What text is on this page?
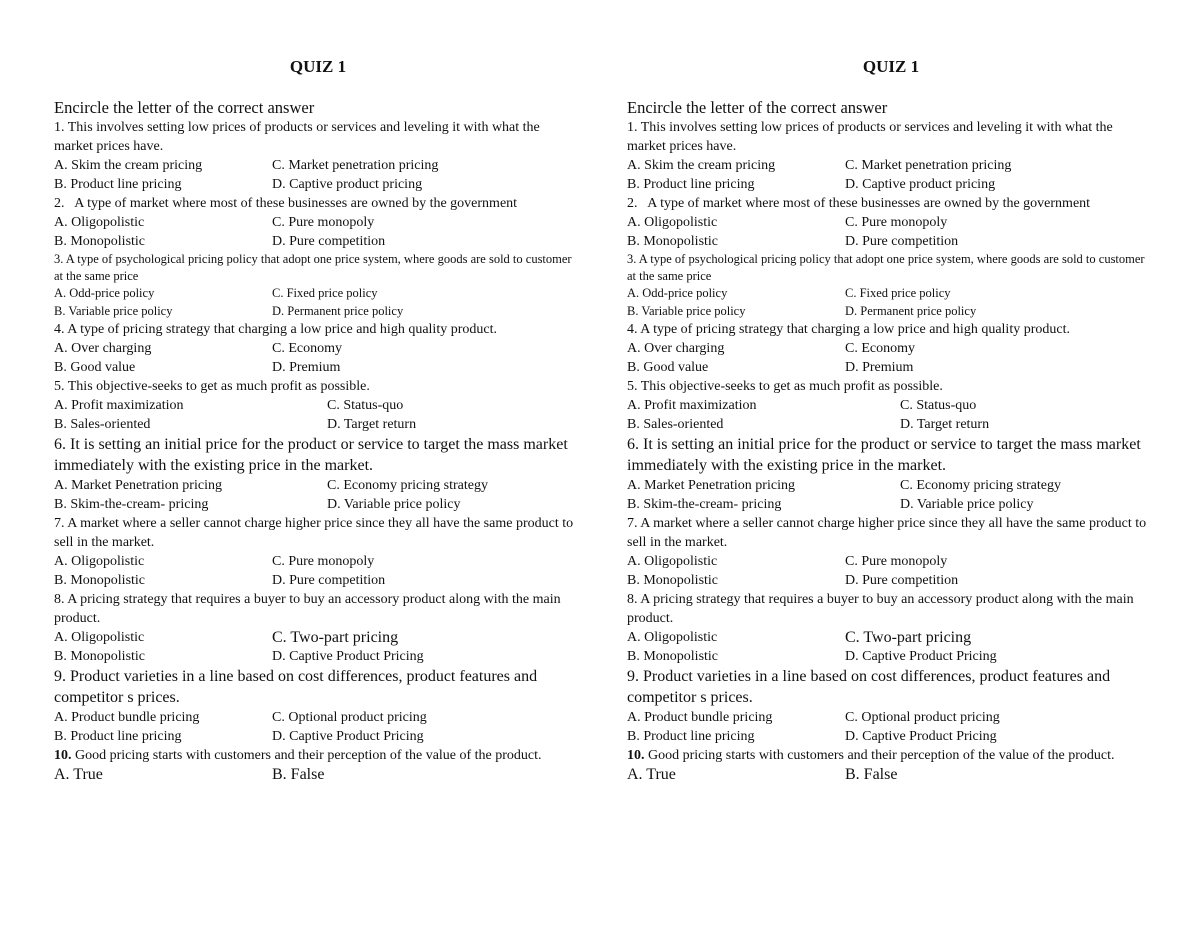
QUIZ 1

Encircle the letter of the correct answer

1. This involves setting low prices of products or services and leveling it with what the market prices have.
A. Skim the cream pricing	C. Market penetration pricing
B. Product line pricing	D. Captive product pricing
2.   A type of market where most of these businesses are owned by the government
A. Oligopolistic	C. Pure monopoly
B. Monopolistic	D. Pure competition
3. A type of psychological pricing policy that adopt one price system, where goods are sold to customer at the same price
A. Odd-price policy	C. Fixed price policy
B. Variable price policy	D. Permanent price policy
4. A type of pricing strategy that charging a low price and high quality product.
A. Over charging	C. Economy
B. Good value	D. Premium
5. This objective-seeks to get as much profit as possible.
A. Profit maximization	C. Status-quo
B. Sales-oriented	D. Target return
6. It is setting an initial price for the product or service to target the mass market immediately with the existing price in the market.
A. Market Penetration pricing	C. Economy pricing strategy
B. Skim-the-cream- pricing	D. Variable price policy
7. A market where a seller cannot charge higher price since they all have the same product to sell in the market.
A. Oligopolistic	C. Pure monopoly
B. Monopolistic	D. Pure competition
8. A pricing strategy that requires a buyer to buy an accessory product along with the main product.
A. Oligopolistic	C. Two-part pricing
B. Monopolistic	D. Captive Product Pricing
9. Product varieties in a line based on cost differences, product features and competitor s prices.
A. Product bundle pricing	C. Optional product pricing
B. Product line pricing	D. Captive Product Pricing
10. Good pricing starts with customers and their perception of the value of the product.
A. True	B. False
QUIZ 1

Encircle the letter of the correct answer

1. This involves setting low prices of products or services and leveling it with what the market prices have.
A. Skim the cream pricing	C. Market penetration pricing
B. Product line pricing	D. Captive product pricing
2.   A type of market where most of these businesses are owned by the government
A. Oligopolistic	C. Pure monopoly
B. Monopolistic	D. Pure competition
3. A type of psychological pricing policy that adopt one price system, where goods are sold to customer at the same price
A. Odd-price policy	C. Fixed price policy
B. Variable price policy	D. Permanent price policy
4. A type of pricing strategy that charging a low price and high quality product.
A. Over charging	C. Economy
B. Good value	D. Premium
5. This objective-seeks to get as much profit as possible.
A. Profit maximization	C. Status-quo
B. Sales-oriented	D. Target return
6. It is setting an initial price for the product or service to target the mass market immediately with the existing price in the market.
A. Market Penetration pricing	C. Economy pricing strategy
B. Skim-the-cream- pricing	D. Variable price policy
7. A market where a seller cannot charge higher price since they all have the same product to sell in the market.
A. Oligopolistic	C. Pure monopoly
B. Monopolistic	D. Pure competition
8. A pricing strategy that requires a buyer to buy an accessory product along with the main product.
A. Oligopolistic	C. Two-part pricing
B. Monopolistic	D. Captive Product Pricing
9. Product varieties in a line based on cost differences, product features and competitor s prices.
A. Product bundle pricing	C. Optional product pricing
B. Product line pricing	D. Captive Product Pricing
10. Good pricing starts with customers and their perception of the value of the product.
A. True	B. False
